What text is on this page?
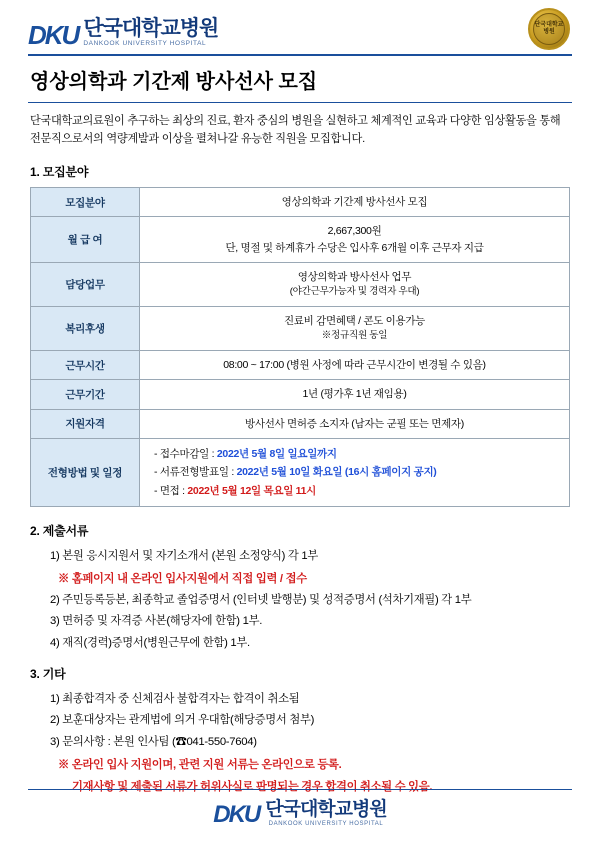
DKU 단국대학교병원
DANKOOK UNIVERSITY HOSPITAL
단국대학교병원
영상의학과 기간제 방사선사 모집
단국대학교의료원이 추구하는 최상의 진료, 환자 중심의 병원을 실현하고 체계적인 교육과 다양한 임상활동을 통해 전문직으로서의 역량계발과 이상을 펼쳐나갈 유능한 직원을 모집합니다.
1. 모집분야
모집분야	영상의학과 기간제 방사선사 모집

월 급 여	2,667,300원
단, 명절 및 하계휴가 수당은 입사후 6개월 이후 근무자 지급

담당업무	영상의학과 방사선사 업무
(야간근무가능자 및 경력자 우대)

복리후생	진료비 감면혜택 / 콘도 이용가능
※정규직원 동일

근무시간	08:00 ~ 17:00 (병원 사정에 따라 근무시간이 변경될 수 있음)

근무기간	1년 (평가후 1년 재임용)

지원자격	방사선사 면허증 소지자 (남자는 군필 또는 면제자)

전형방법 및 일정	- 접수마감일 : 2022년 5월 8일 일요일까지
- 서류전형발표일 : 2022년 5월 10일 화요일 (16시 홈페이지 공지)
- 면접 : 2022년 5월 12일 목요일 11시
2. 제출서류
1) 본원 응시지원서 및 자기소개서 (본원 소정양식) 각 1부
※ 홈페이지 내 온라인 입사지원에서 직접 입력 / 접수
2) 주민등록등본, 최종학교 졸업증명서 (인터넷 발행분) 및 성적증명서 (석차기재필) 각 1부
3) 면허증 및 자격증 사본(해당자에 한함) 1부.
4) 재직(경력)증명서(병원근무에 한함) 1부.
3. 기타
1) 최종합격자 중 신체검사 불합격자는 합격이 취소됨
2) 보훈대상자는 관계법에 의거 우대함(해당증명서 첨부)
3) 문의사항 : 본원 인사팀 (☎041-550-7604)
※ 온라인 입사 지원이며, 관련 지원 서류는 온라인으로 등록.
기재사항 및 제출된 서류가 허위사실로 판명되는 경우 합격이 취소될 수 있음.
DKU 단국대학교병원
DANKOOK UNIVERSITY HOSPITAL
